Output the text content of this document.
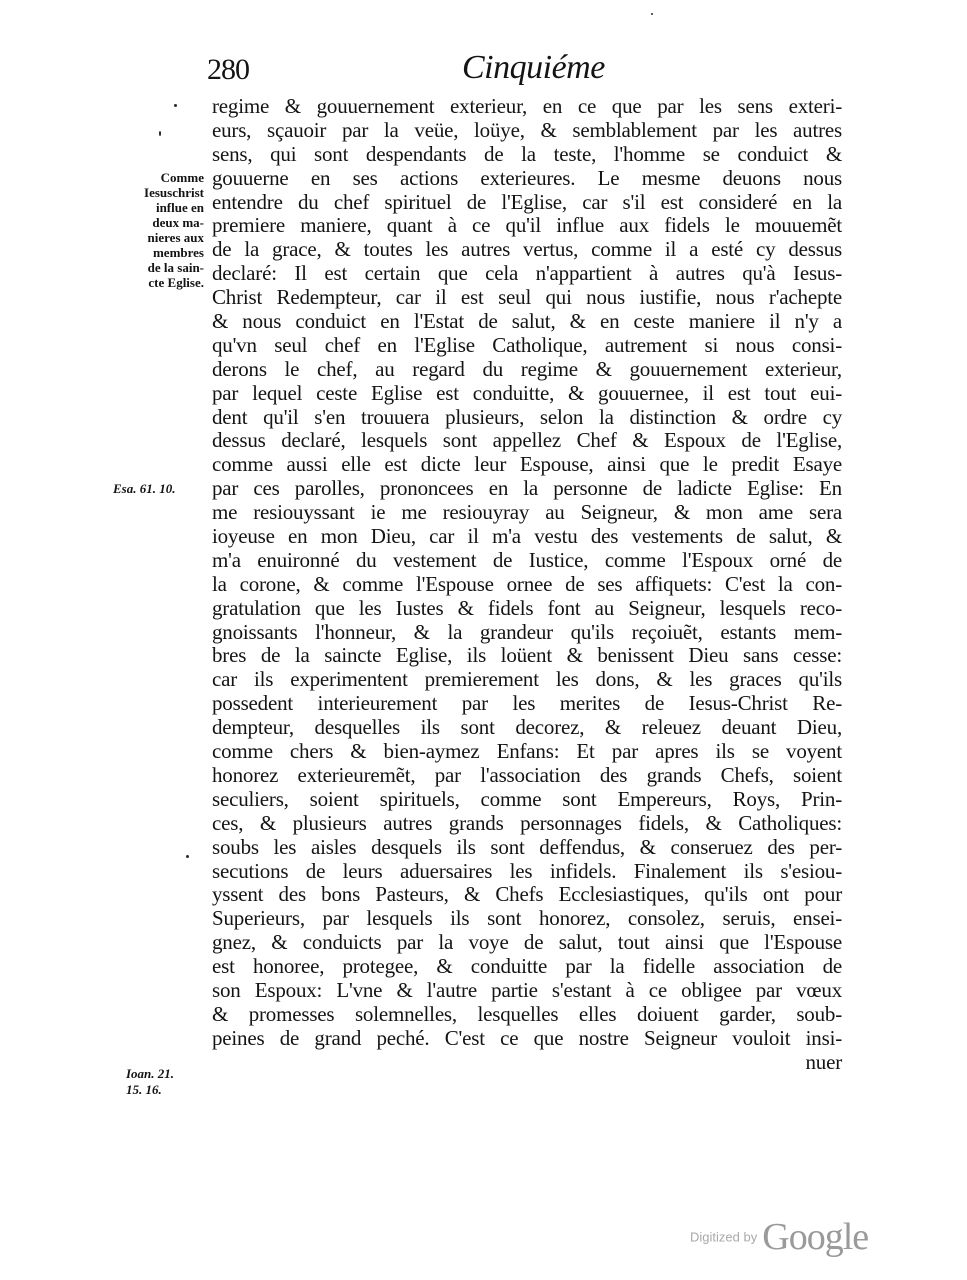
280	Cinquiéme
Comme
Iesuschrist
influe en
deux ma-
nieres aux
membres
de la sain-
cte Eglise.
Esa. 61. 10.
Ioan. 21.
15. 16.
regime & gouuernement exterieur, en ce que par les sens exteri-
eurs, sçauoir par la veüe, loüye, & semblablement par les autres
sens, qui sont despendants de la teste, l'homme se conduict &
gouuerne en ses actions exterieures. Le mesme deuons nous
entendre du chef spirituel de l'Eglise, car s'il est consideré en la
premiere maniere, quant à ce qu'il influe aux fidels le mouuemẽt
de la grace, & toutes les autres vertus, comme il a esté cy dessus
declaré: Il est certain que cela n'appartient à autres qu'à Iesus-
Christ Redempteur, car il est seul qui nous iustifie, nous r'achepte
& nous conduict en l'Estat de salut, & en ceste maniere il n'y a
qu'vn seul chef en l'Eglise Catholique, autrement si nous consi-
derons le chef, au regard du regime & gouuernement exterieur,
par lequel ceste Eglise est conduitte, & gouuernee, il est tout eui-
dent qu'il s'en trouuera plusieurs, selon la distinction & ordre cy
dessus declaré, lesquels sont appellez Chef & Espoux de l'Eglise,
comme aussi elle est dicte leur Espouse, ainsi que le predit Esaye
par ces parolles, prononcees en la personne de ladicte Eglise: En
me resiouyssant ie me resiouyray au Seigneur, & mon ame sera
ioyeuse en mon Dieu, car il m'a vestu des vestements de salut, &
m'a enuironné du vestement de Iustice, comme l'Espoux orné de
la corone, & comme l'Espouse ornee de ses affiquets: C'est la con-
gratulation que les Iustes & fidels font au Seigneur, lesquels reco-
gnoissants l'honneur, & la grandeur qu'ils reçoiuẽt, estants mem-
bres de la saincte Eglise, ils loüent & benissent Dieu sans cesse:
car ils experimentent premierement les dons, & les graces qu'ils
possedent interieurement par les merites de Iesus-Christ Re-
dempteur, desquelles ils sont decorez, & releuez deuant Dieu,
comme chers & bien-aymez Enfans: Et par apres ils se voyent
honorez exterieuremẽt, par l'association des grands Chefs, soient
seculiers, soient spirituels, comme sont Empereurs, Roys, Prin-
ces, & plusieurs autres grands personnages fidels, & Catholiques:
soubs les aisles desquels ils sont deffendus, & conseruez des per-
secutions de leurs aduersaires les infidels. Finalement ils s'esiou-
yssent des bons Pasteurs, & Chefs Ecclesiastiques, qu'ils ont pour
Superieurs, par lesquels ils sont honorez, consolez, seruis, ensei-
gnez, & conduicts par la voye de salut, tout ainsi que l'Espouse
est honoree, protegee, & conduitte par la fidelle association de
son Espoux: L'vne & l'autre partie s'estant à ce obligee par vœux
& promesses solemnelles, lesquelles elles doiuent garder, soub-
peines de grand peché. C'est ce que nostre Seigneur vouloit insi-
nuer
Digitized by Google
